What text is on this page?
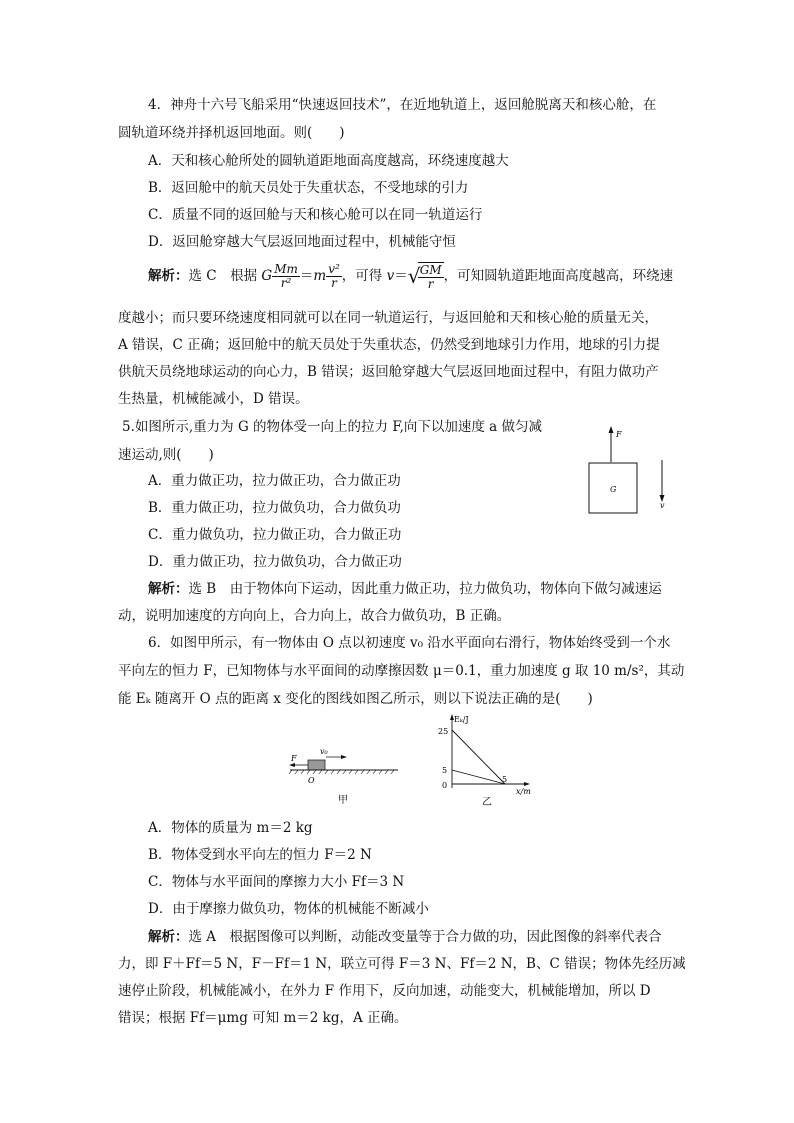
4．神舟十六号飞船采用“快速返回技术”，在近地轨道上，返回舱脱离天和核心舱，在
圆轨道环绕并择机返回地面。则(　　)
A．天和核心舱所处的圆轨道距地面高度越高，环绕速度越大
B．返回舱中的航天员处于失重状态，不受地球的引力
C．质量不同的返回舱与天和核心舱可以在同一轨道运行
D．返回舱穿越大气层返回地面过程中，机械能守恒
解析：选 C　根据 G $\frac{Mm}{\text{r²}} =m \frac{\text{v²}}{r}$ ，可得 v＝ √
$\frac{GM}{r}$ ，可知圆轨道距地面高度越高，环绕速
度越小；而只要环绕速度相同就可以在同一轨道运行，与返回舱和天和核心舱的质量无关，
A 错误，C 正确；返回舱中的航天员处于失重状态，仍然受到地球引力作用，地球的引力提
供航天员绕地球运动的向心力，B 错误；返回舱穿越大气层返回地面过程中，有阻力做功产
生热量，机械能减小，D 错误。
5.如图所示,重力为 G 的物体受一向上的拉力 F,向下以加速度 a 做匀减
速运动,则(　　)
A．重力做正功，拉力做正功，合力做正功
B．重力做正功，拉力做负功，合力做负功
C．重力做负功，拉力做正功，合力做正功
D．重力做正功，拉力做负功，合力做正功
解析：选 B　由于物体向下运动，因此重力做正功，拉力做负功，物体向下做匀减速运
动，说明加速度的方向向上，合力向上，故合力做负功，B 正确。
F
G
v
6．如图甲所示，有一物体由 O 点以初速度 v₀ 沿水平面向右滑行，物体始终受到一个水
平向左的恒力 F，已知物体与水平面间的动摩擦因数 μ＝0.1，重力加速度 g 取 10 m/s²，其动
能 Eₖ 随离开 O 点的距离 x 变化的图线如图乙所示，则以下说法正确的是(　　)
F
v₀
O
甲
Eₖ/J
x/m
25
5
0
5
乙
A．物体的质量为 m＝2 kg
B．物体受到水平向左的恒力 F＝2 N
C．物体与水平面间的摩擦力大小 Ff＝3 N
D．由于摩擦力做负功，物体的机械能不断减小
解析：选 A　根据图像可以判断，动能改变量等于合力做的功，因此图像的斜率代表合
力，即 F＋Ff＝5 N，F－Ff＝1 N，联立可得 F＝3 N、Ff＝2 N，B、C 错误；物体先经历减
速停止阶段，机械能减小，在外力 F 作用下，反向加速，动能变大，机械能增加，所以 D
错误；根据 Ff＝μmg 可知 m＝2 kg，A 正确。
